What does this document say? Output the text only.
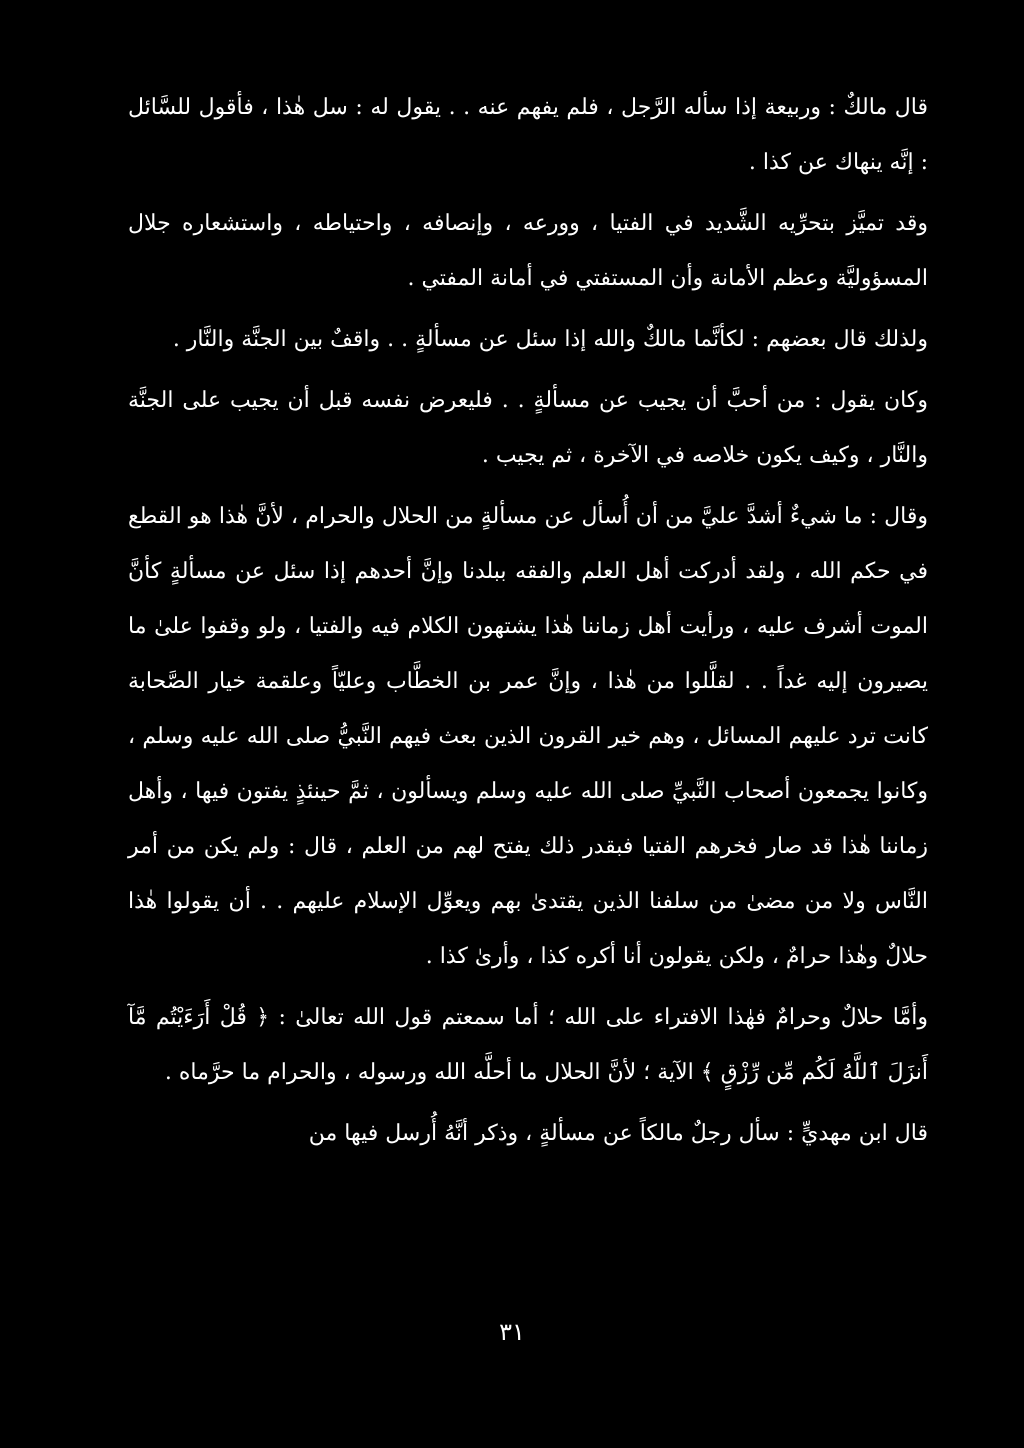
قال مالكٌ : وربيعة إذا سأله الرَّجل ، فلم يفهم عنه . . يقول له : سل هٰذا ، فأقول للسَّائل : إنَّه ينهاك عن كذا .

وقد تميَّز بتحرِّيه الشَّديد في الفتيا ، وورعه ، وإنصافه ، واحتياطه ، واستشعاره جلال المسؤوليَّة وعظم الأمانة وأن المستفتي في أمانة المفتي .

ولذلك قال بعضهم : لكأنَّما مالكٌ والله إذا سئل عن مسألةٍ . . واقفٌ بين الجنَّة والنَّار .

وكان يقول : من أحبَّ أن يجيب عن مسألةٍ . . فليعرض نفسه قبل أن يجيب على الجنَّة والنَّار ، وكيف يكون خلاصه في الآخرة ، ثم يجيب .

وقال : ما شيءٌ أشدَّ عليَّ من أن أُسأل عن مسألةٍ من الحلال والحرام ، لأنَّ هٰذا هو القطع في حكم الله ، ولقد أدركت أهل العلم والفقه ببلدنا وإنَّ أحدهم إذا سئل عن مسألةٍ كأنَّ الموت أشرف عليه ، ورأيت أهل زماننا هٰذا يشتهون الكلام فيه والفتيا ، ولو وقفوا علىٰ ما يصيرون إليه غداً . . لقلَّلوا من هٰذا ، وإنَّ عمر بن الخطَّاب وعليّاً وعلقمة خيار الصَّحابة كانت ترد عليهم المسائل ، وهم خير القرون الذين بعث فيهم النَّبيُّ صلى الله عليه وسلم ، وكانوا يجمعون أصحاب النَّبيِّ صلى الله عليه وسلم ويسألون ، ثمَّ حينئذٍ يفتون فيها ، وأهل زماننا هٰذا قد صار فخرهم الفتيا فبقدر ذلك يفتح لهم من العلم ، قال : ولم يكن من أمر النَّاس ولا من مضىٰ من سلفنا الذين يقتدىٰ بهم ويعوِّل الإسلام عليهم . . أن يقولوا هٰذا حلالٌ وهٰذا حرامٌ ، ولكن يقولون أنا أكره كذا ، وأرىٰ كذا .

وأمَّا حلالٌ وحرامٌ فهٰذا الافتراء على الله ؛ أما سمعتم قول الله تعالىٰ : ﴿ قُلْ أَرَءَيْتُم مَّآ أَنزَلَ ٱللَّهُ لَكُم مِّن رِّزْقٍ ﴾ الآية ؛ لأنَّ الحلال ما أحلَّه الله ورسوله ، والحرام ما حرَّماه .

قال ابن مهديٍّ : سأل رجلٌ مالكاً عن مسألةٍ ، وذكر أنَّهُ أُرسل فيها من

٣١
